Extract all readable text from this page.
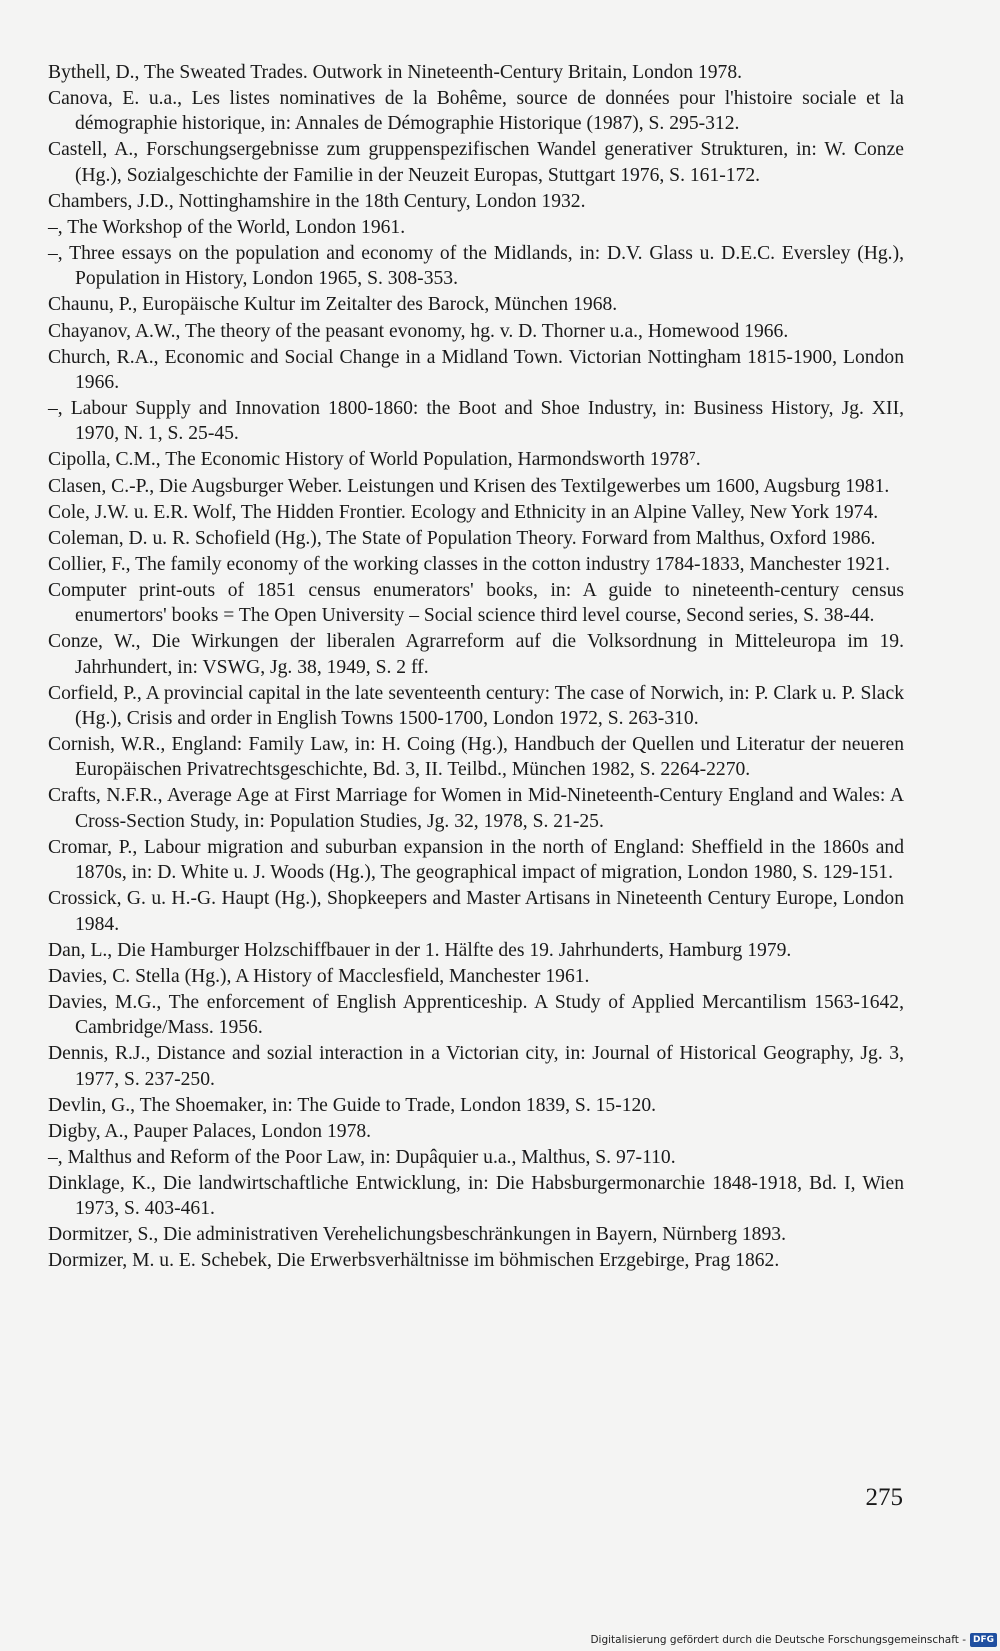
Bythell, D., The Sweated Trades. Outwork in Nineteenth-Century Britain, London 1978.
Canova, E. u.a., Les listes nominatives de la Bohême, source de données pour l'histoire sociale et la démographie historique, in: Annales de Démographie Historique (1987), S. 295-312.
Castell, A., Forschungsergebnisse zum gruppenspezifischen Wandel generativer Strukturen, in: W. Conze (Hg.), Sozialgeschichte der Familie in der Neuzeit Europas, Stuttgart 1976, S. 161-172.
Chambers, J.D., Nottinghamshire in the 18th Century, London 1932.
–, The Workshop of the World, London 1961.
–, Three essays on the population and economy of the Midlands, in: D.V. Glass u. D.E.C. Eversley (Hg.), Population in History, London 1965, S. 308-353.
Chaunu, P., Europäische Kultur im Zeitalter des Barock, München 1968.
Chayanov, A.W., The theory of the peasant evonomy, hg. v. D. Thorner u.a., Homewood 1966.
Church, R.A., Economic and Social Change in a Midland Town. Victorian Nottingham 1815-1900, London 1966.
–, Labour Supply and Innovation 1800-1860: the Boot and Shoe Industry, in: Business History, Jg. XII, 1970, N. 1, S. 25-45.
Cipolla, C.M., The Economic History of World Population, Harmondsworth 1978⁷.
Clasen, C.-P., Die Augsburger Weber. Leistungen und Krisen des Textilgewerbes um 1600, Augsburg 1981.
Cole, J.W. u. E.R. Wolf, The Hidden Frontier. Ecology and Ethnicity in an Alpine Valley, New York 1974.
Coleman, D. u. R. Schofield (Hg.), The State of Population Theory. Forward from Malthus, Oxford 1986.
Collier, F., The family economy of the working classes in the cotton industry 1784-1833, Manchester 1921.
Computer print-outs of 1851 census enumerators' books, in: A guide to nineteenth-century census enumertors' books = The Open University – Social science third level course, Second series, S. 38-44.
Conze, W., Die Wirkungen der liberalen Agrarreform auf die Volksordnung in Mitteleuropa im 19. Jahrhundert, in: VSWG, Jg. 38, 1949, S. 2 ff.
Corfield, P., A provincial capital in the late seventeenth century: The case of Norwich, in: P. Clark u. P. Slack (Hg.), Crisis and order in English Towns 1500-1700, London 1972, S. 263-310.
Cornish, W.R., England: Family Law, in: H. Coing (Hg.), Handbuch der Quellen und Literatur der neueren Europäischen Privatrechtsgeschichte, Bd. 3, II. Teilbd., München 1982, S. 2264-2270.
Crafts, N.F.R., Average Age at First Marriage for Women in Mid-Nineteenth-Century England and Wales: A Cross-Section Study, in: Population Studies, Jg. 32, 1978, S. 21-25.
Cromar, P., Labour migration and suburban expansion in the north of England: Sheffield in the 1860s and 1870s, in: D. White u. J. Woods (Hg.), The geographical impact of migration, London 1980, S. 129-151.
Crossick, G. u. H.-G. Haupt (Hg.), Shopkeepers and Master Artisans in Nineteenth Century Europe, London 1984.
Dan, L., Die Hamburger Holzschiffbauer in der 1. Hälfte des 19. Jahrhunderts, Hamburg 1979.
Davies, C. Stella (Hg.), A History of Macclesfield, Manchester 1961.
Davies, M.G., The enforcement of English Apprenticeship. A Study of Applied Mercantilism 1563-1642, Cambridge/Mass. 1956.
Dennis, R.J., Distance and sozial interaction in a Victorian city, in: Journal of Historical Geography, Jg. 3, 1977, S. 237-250.
Devlin, G., The Shoemaker, in: The Guide to Trade, London 1839, S. 15-120.
Digby, A., Pauper Palaces, London 1978.
–, Malthus and Reform of the Poor Law, in: Dupâquier u.a., Malthus, S. 97-110.
Dinklage, K., Die landwirtschaftliche Entwicklung, in: Die Habsburgermonarchie 1848-1918, Bd. I, Wien 1973, S. 403-461.
Dormitzer, S., Die administrativen Verehelichungsbeschränkungen in Bayern, Nürnberg 1893.
Dormizer, M. u. E. Schebek, Die Erwerbsverhältnisse im böhmischen Erzgebirge, Prag 1862.
275
Digitalisierung gefördert durch die Deutsche Forschungsgemeinschaft - DFG
